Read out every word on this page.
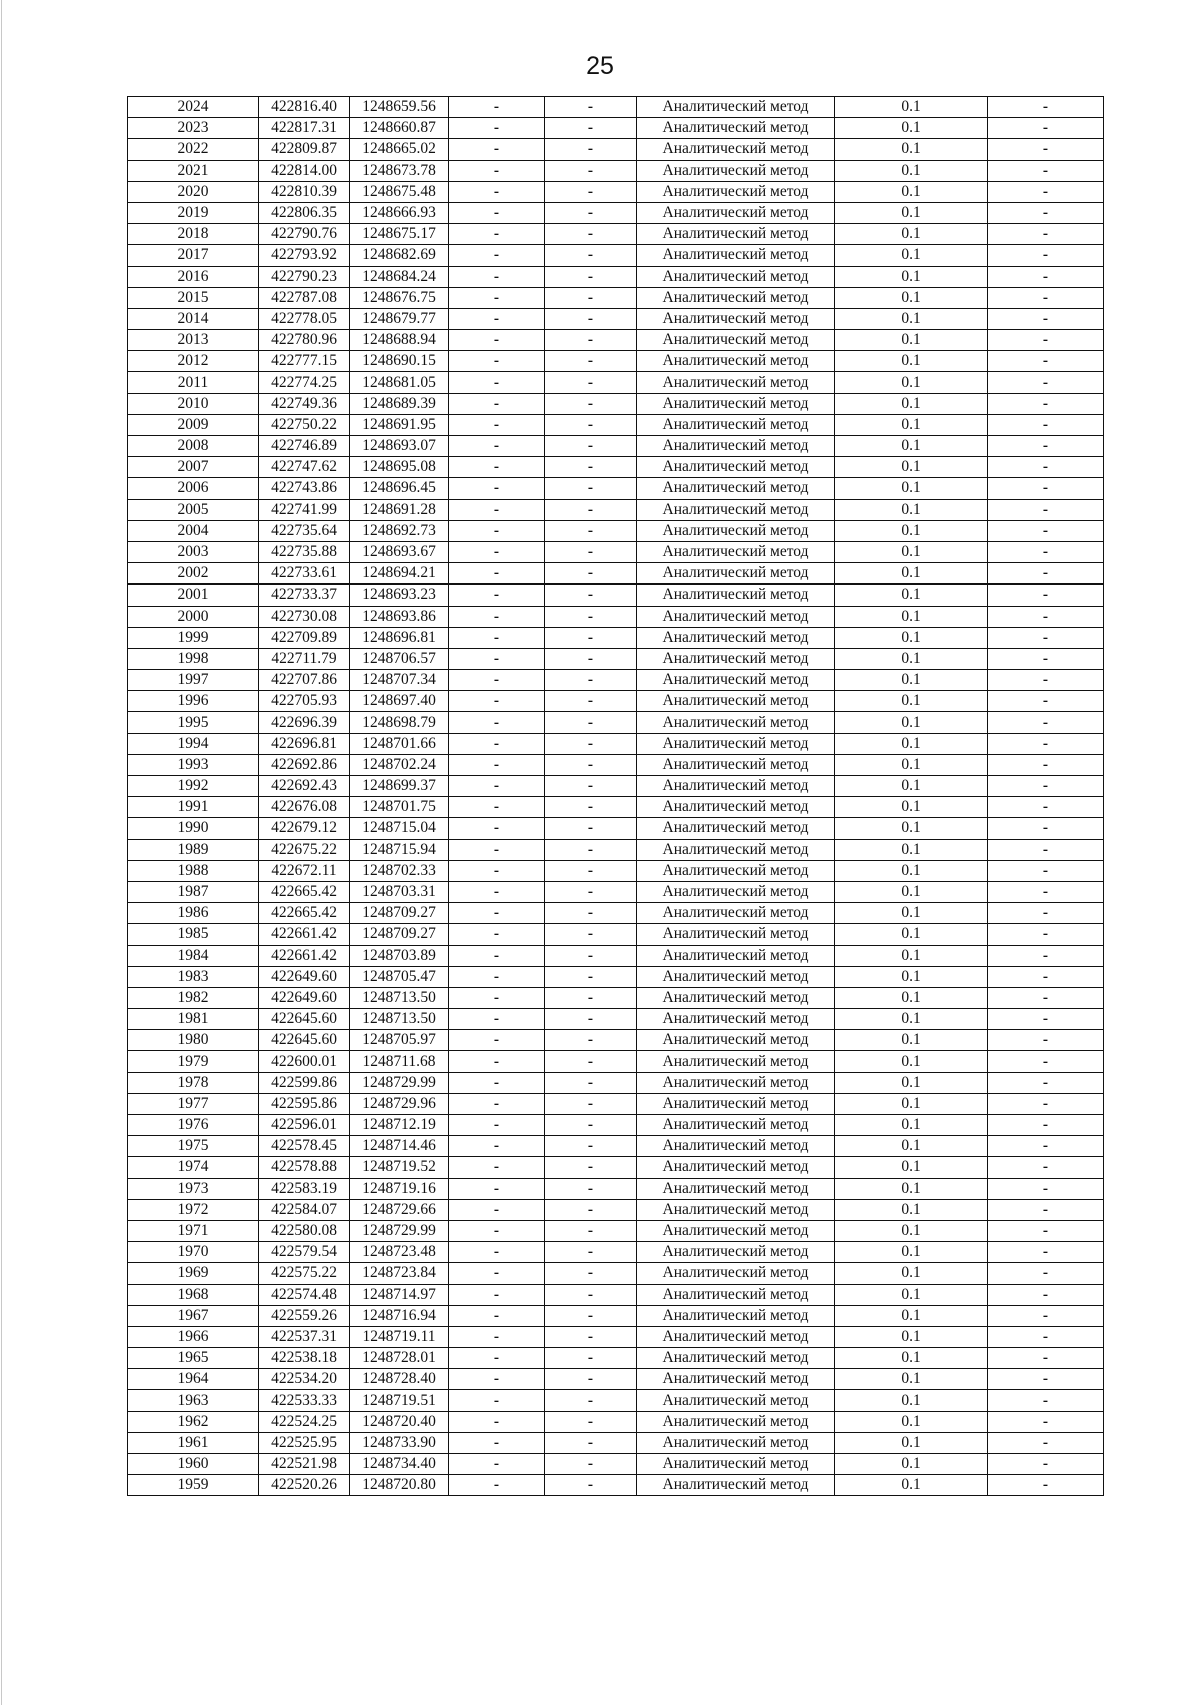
25
2024	422816.40	1248659.56	-	-	Аналитический метод	0.1	-
2023	422817.31	1248660.87	-	-	Аналитический метод	0.1	-
2022	422809.87	1248665.02	-	-	Аналитический метод	0.1	-
2021	422814.00	1248673.78	-	-	Аналитический метод	0.1	-
2020	422810.39	1248675.48	-	-	Аналитический метод	0.1	-
2019	422806.35	1248666.93	-	-	Аналитический метод	0.1	-
2018	422790.76	1248675.17	-	-	Аналитический метод	0.1	-
2017	422793.92	1248682.69	-	-	Аналитический метод	0.1	-
2016	422790.23	1248684.24	-	-	Аналитический метод	0.1	-
2015	422787.08	1248676.75	-	-	Аналитический метод	0.1	-
2014	422778.05	1248679.77	-	-	Аналитический метод	0.1	-
2013	422780.96	1248688.94	-	-	Аналитический метод	0.1	-
2012	422777.15	1248690.15	-	-	Аналитический метод	0.1	-
2011	422774.25	1248681.05	-	-	Аналитический метод	0.1	-
2010	422749.36	1248689.39	-	-	Аналитический метод	0.1	-
2009	422750.22	1248691.95	-	-	Аналитический метод	0.1	-
2008	422746.89	1248693.07	-	-	Аналитический метод	0.1	-
2007	422747.62	1248695.08	-	-	Аналитический метод	0.1	-
2006	422743.86	1248696.45	-	-	Аналитический метод	0.1	-
2005	422741.99	1248691.28	-	-	Аналитический метод	0.1	-
2004	422735.64	1248692.73	-	-	Аналитический метод	0.1	-
2003	422735.88	1248693.67	-	-	Аналитический метод	0.1	-
2002	422733.61	1248694.21	-	-	Аналитический метод	0.1	-
2001	422733.37	1248693.23	-	-	Аналитический метод	0.1	-
2000	422730.08	1248693.86	-	-	Аналитический метод	0.1	-
1999	422709.89	1248696.81	-	-	Аналитический метод	0.1	-
1998	422711.79	1248706.57	-	-	Аналитический метод	0.1	-
1997	422707.86	1248707.34	-	-	Аналитический метод	0.1	-
1996	422705.93	1248697.40	-	-	Аналитический метод	0.1	-
1995	422696.39	1248698.79	-	-	Аналитический метод	0.1	-
1994	422696.81	1248701.66	-	-	Аналитический метод	0.1	-
1993	422692.86	1248702.24	-	-	Аналитический метод	0.1	-
1992	422692.43	1248699.37	-	-	Аналитический метод	0.1	-
1991	422676.08	1248701.75	-	-	Аналитический метод	0.1	-
1990	422679.12	1248715.04	-	-	Аналитический метод	0.1	-
1989	422675.22	1248715.94	-	-	Аналитический метод	0.1	-
1988	422672.11	1248702.33	-	-	Аналитический метод	0.1	-
1987	422665.42	1248703.31	-	-	Аналитический метод	0.1	-
1986	422665.42	1248709.27	-	-	Аналитический метод	0.1	-
1985	422661.42	1248709.27	-	-	Аналитический метод	0.1	-
1984	422661.42	1248703.89	-	-	Аналитический метод	0.1	-
1983	422649.60	1248705.47	-	-	Аналитический метод	0.1	-
1982	422649.60	1248713.50	-	-	Аналитический метод	0.1	-
1981	422645.60	1248713.50	-	-	Аналитический метод	0.1	-
1980	422645.60	1248705.97	-	-	Аналитический метод	0.1	-
1979	422600.01	1248711.68	-	-	Аналитический метод	0.1	-
1978	422599.86	1248729.99	-	-	Аналитический метод	0.1	-
1977	422595.86	1248729.96	-	-	Аналитический метод	0.1	-
1976	422596.01	1248712.19	-	-	Аналитический метод	0.1	-
1975	422578.45	1248714.46	-	-	Аналитический метод	0.1	-
1974	422578.88	1248719.52	-	-	Аналитический метод	0.1	-
1973	422583.19	1248719.16	-	-	Аналитический метод	0.1	-
1972	422584.07	1248729.66	-	-	Аналитический метод	0.1	-
1971	422580.08	1248729.99	-	-	Аналитический метод	0.1	-
1970	422579.54	1248723.48	-	-	Аналитический метод	0.1	-
1969	422575.22	1248723.84	-	-	Аналитический метод	0.1	-
1968	422574.48	1248714.97	-	-	Аналитический метод	0.1	-
1967	422559.26	1248716.94	-	-	Аналитический метод	0.1	-
1966	422537.31	1248719.11	-	-	Аналитический метод	0.1	-
1965	422538.18	1248728.01	-	-	Аналитический метод	0.1	-
1964	422534.20	1248728.40	-	-	Аналитический метод	0.1	-
1963	422533.33	1248719.51	-	-	Аналитический метод	0.1	-
1962	422524.25	1248720.40	-	-	Аналитический метод	0.1	-
1961	422525.95	1248733.90	-	-	Аналитический метод	0.1	-
1960	422521.98	1248734.40	-	-	Аналитический метод	0.1	-
1959	422520.26	1248720.80	-	-	Аналитический метод	0.1	-
